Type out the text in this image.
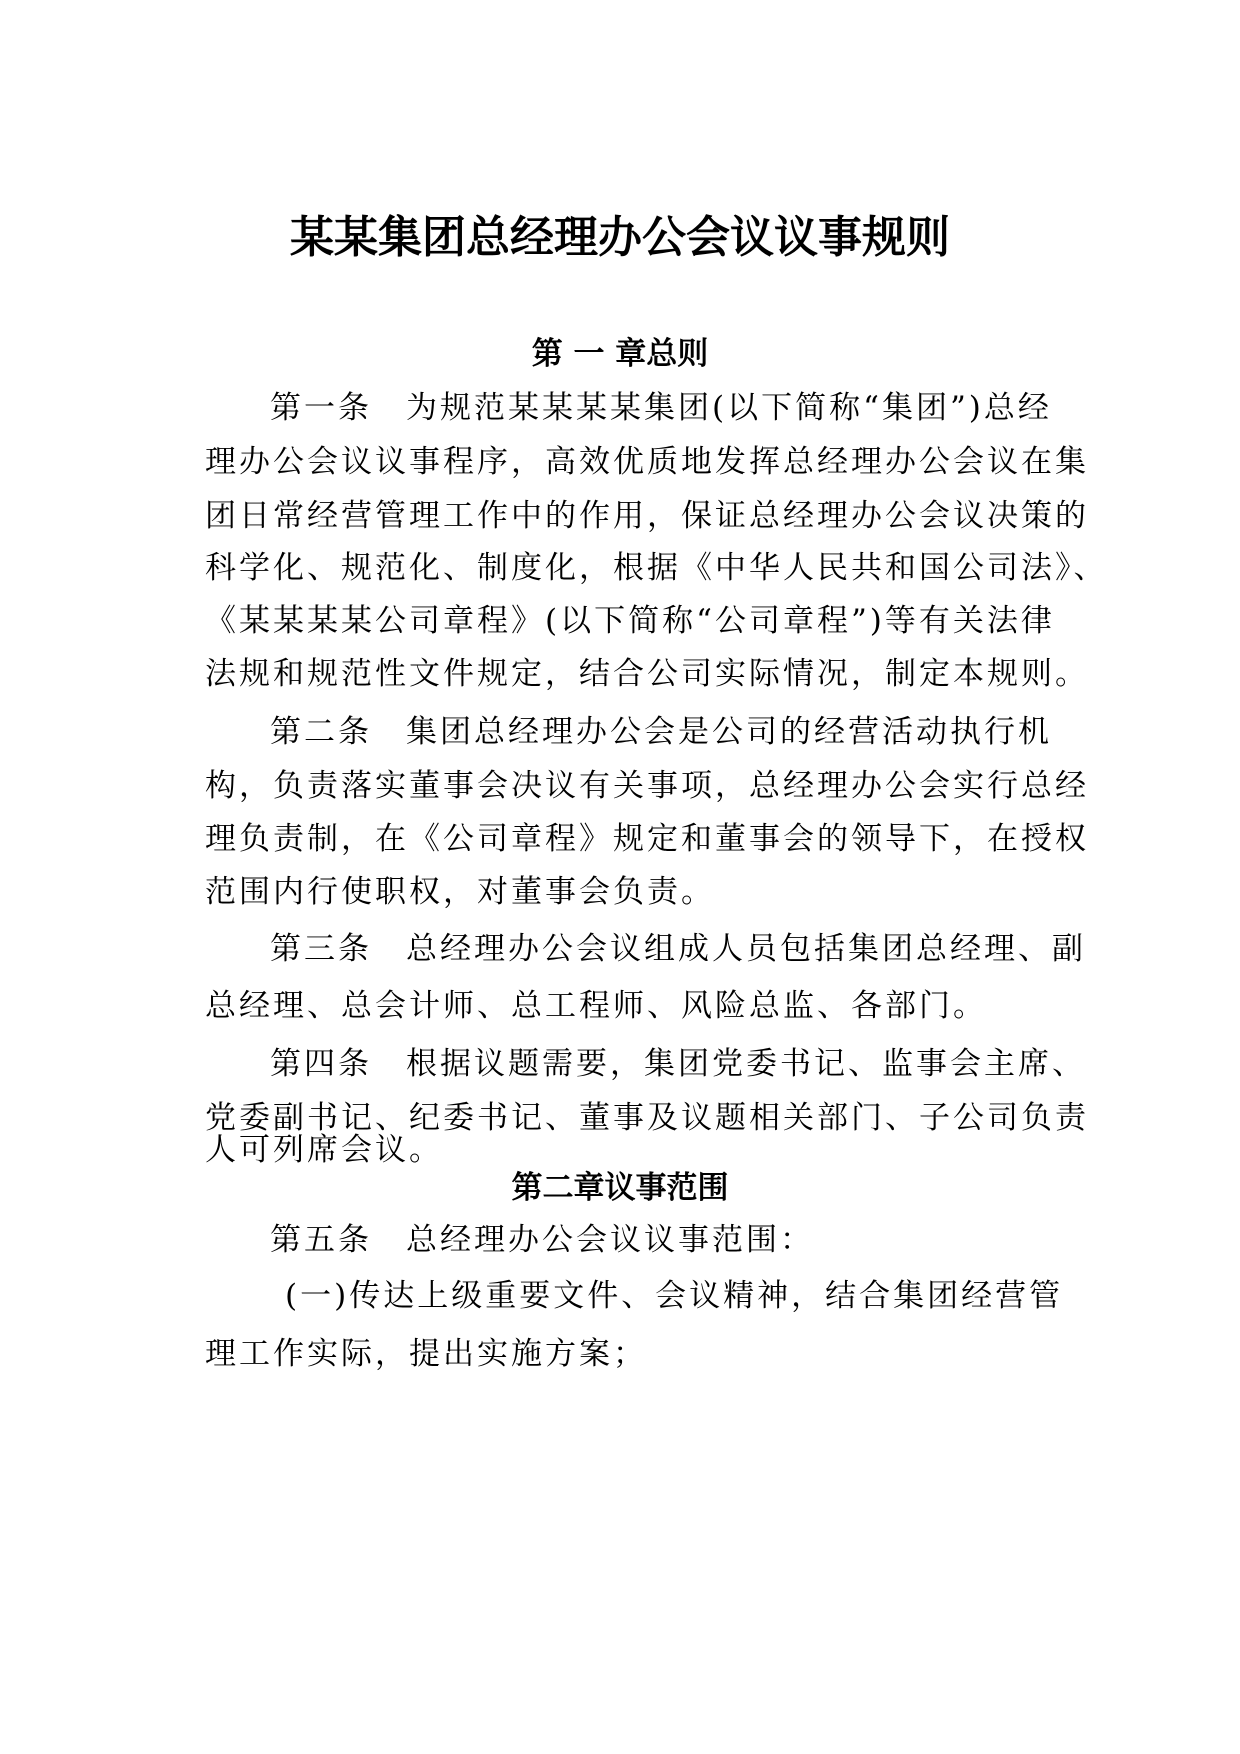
某某集团总经理办公会议议事规则
第 一 章总则

第一条　为规范某某某某集团(以下简称“集团”)总经

理办公会议议事程序，高效优质地发挥总经理办公会议在集

团日常经营管理工作中的作用，保证总经理办公会议决策的

科学化、规范化、制度化，根据《中华人民共和国公司法》、

《某某某某公司章程》(以下简称“公司章程”)等有关法律

法规和规范性文件规定，结合公司实际情况，制定本规则。

第二条　集团总经理办公会是公司的经营活动执行机

构，负责落实董事会决议有关事项，总经理办公会实行总经

理负责制，在《公司章程》规定和董事会的领导下，在授权

范围内行使职权，对董事会负责。

第三条　总经理办公会议组成人员包括集团总经理、副

总经理、总会计师、总工程师、风险总监、各部门。

第四条　根据议题需要，集团党委书记、监事会主席、

党委副书记、纪委书记、董事及议题相关部门、子公司负责

第二章议事范围

第五条　总经理办公会议议事范围：

(一)传达上级重要文件、会议精神，结合集团经营管

理工作实际，提出实施方案；

人可列席会议。
